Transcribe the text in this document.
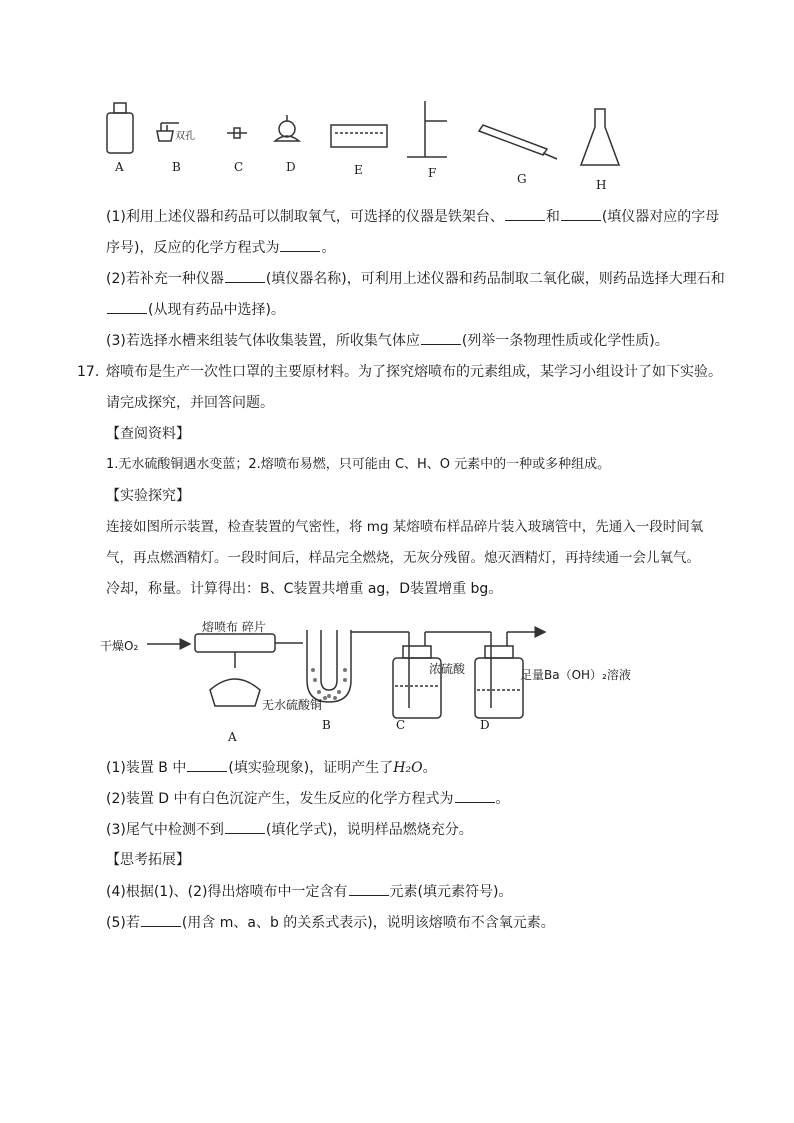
双孔
A	B	C	D	E	F	G	H
(1)利用上述仪器和药品可以制取氧气，可选择的仪器是铁架台、	和	(填仪器对应的字母
序号)，反应的化学方程式为	。
(2)若补充一种仪器	(填仪器名称)，可利用上述仪器和药品制取二氧化碳，则药品选择大理石和
(从现有药品中选择)。
(3)若选择水槽来组装气体收集装置，所收集气体应	(列举一条物理性质或化学性质)。
17. 熔喷布是生产一次性口罩的主要原材料。为了探究熔喷布的元素组成，某学习小组设计了如下实验。
请完成探究，并回答问题。
【查阅资料】
1.无水硫酸铜遇水变蓝；2.熔喷布易燃，只可能由 C、H、O 元素中的一种或多种组成。
【实验探究】
连接如图所示装置，检查装置的气密性，将 mg 某熔喷布样品碎片装入玻璃管中，先通入一段时间氧
气，再点燃酒精灯。一段时间后，样品完全燃烧，无灰分残留。熄灭酒精灯，再持续通一会儿氧气。
冷却，称量。计算得出：B、C装置共增重 ag，D装置增重 bg。
干燥O₂
熔喷布 碎片
无水硫酸铜
浓硫酸	足量Ba（OH）₂溶液
A
B	C	D
(1)装置 B 中	(填实验现象)，证明产生了H₂O。
(2)装置 D 中有白色沉淀产生，发生反应的化学方程式为	。
(3)尾气中检测不到	(填化学式)，说明样品燃烧充分。
【思考拓展】
(4)根据(1)、(2)得出熔喷布中一定含有	元素(填元素符号)。
(5)若	(用含 m、a、b 的关系式表示)，说明该熔喷布不含氧元素。
